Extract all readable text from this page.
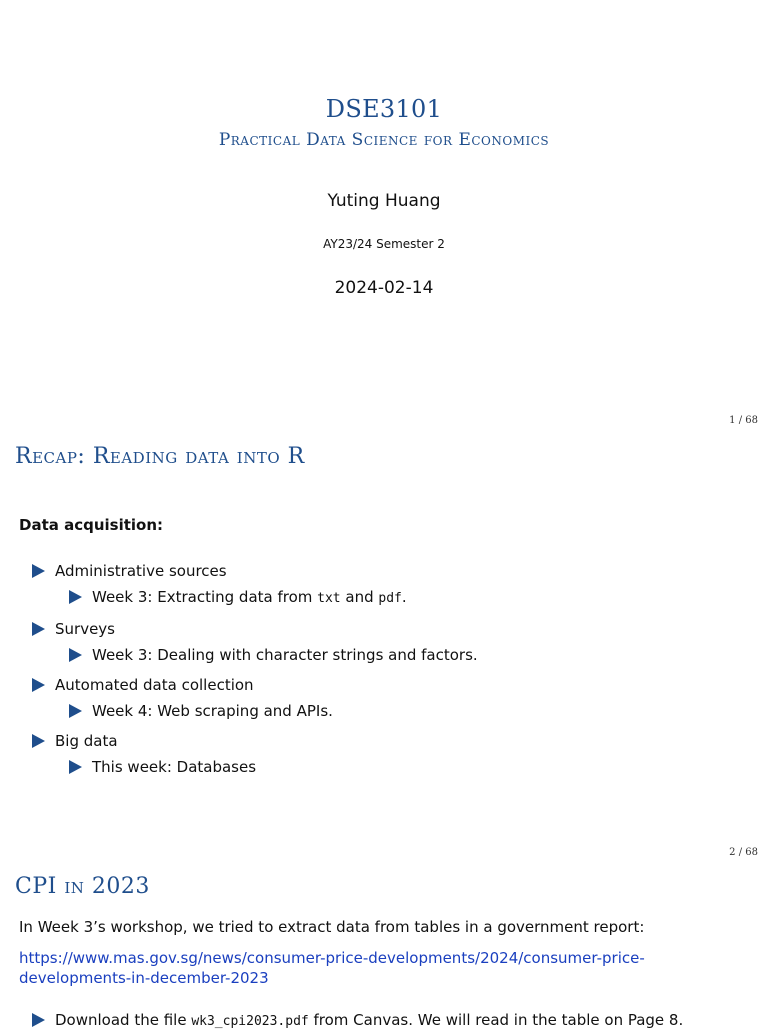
DSE3101
Practical Data Science for Economics
Yuting Huang
AY23/24 Semester 2
2024-02-14
1 / 68
Recap: Reading data into R
Data acquisition:
Administrative sources
Week 3: Extracting data from txt and pdf.
Surveys
Week 3: Dealing with character strings and factors.
Automated data collection
Week 4: Web scraping and APIs.
Big data
This week: Databases
2 / 68
CPI in 2023
In Week 3’s workshop, we tried to extract data from tables in a government report:
https://www.mas.gov.sg/news/consumer-price-developments/2024/consumer-price-developments-in-december-2023
Download the file wk3_cpi2023.pdf from Canvas. We will read in the table on Page 8.
